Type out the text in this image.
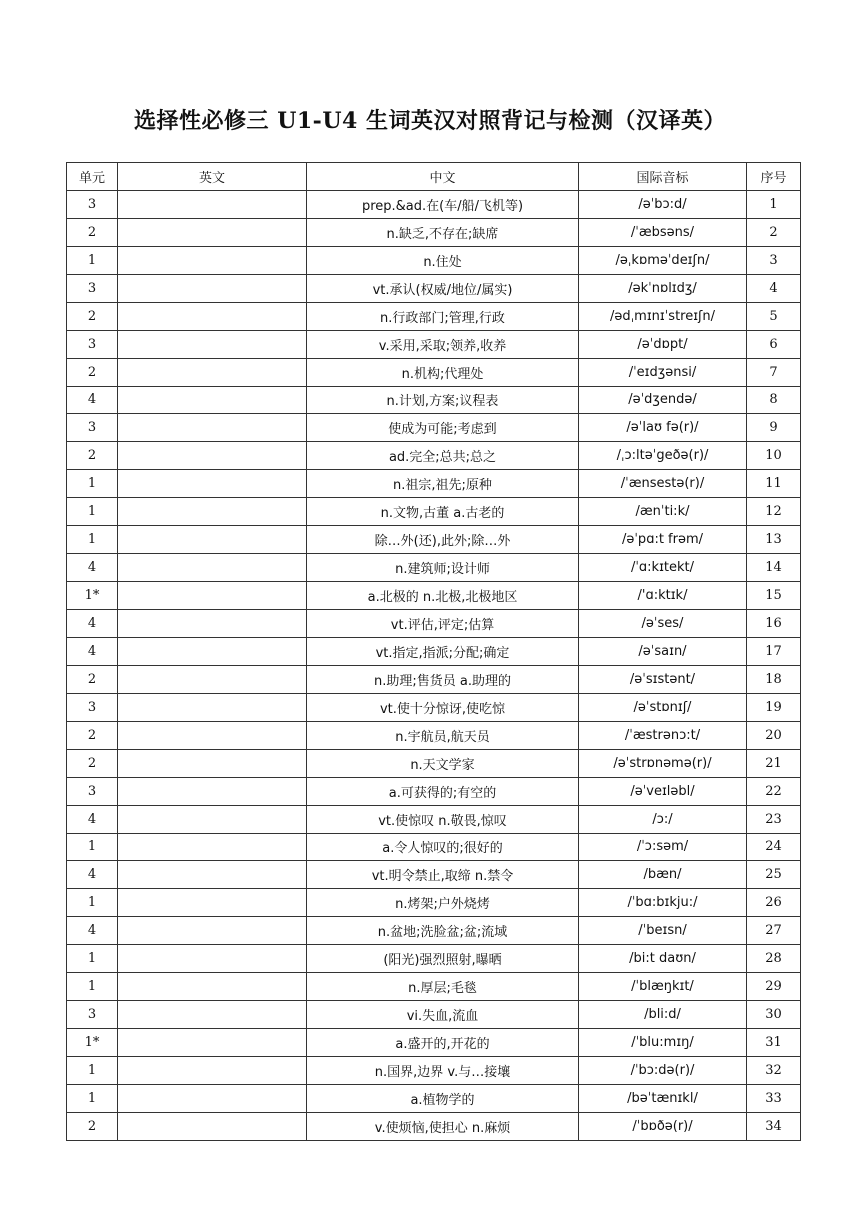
选择性必修三 U1-U4 生词英汉对照背记与检测（汉译英）
单元	英文	中文	国际音标	序号
3		prep.&ad.在(车/船/飞机等)	/əˈbɔ:d/	1
2		n.缺乏,不存在;缺席	/ˈæbsəns/	2
1		n.住处	/əˌkɒməˈdeɪʃn/	3
3		vt.承认(权威/地位/属实)	/əkˈnɒlɪdʒ/	4
2		n.行政部门;管理,行政	/ədˌmɪnɪˈstreɪʃn/	5
3		v.采用,采取;领养,收养	/əˈdɒpt/	6
2		n.机构;代理处	/ˈeɪdʒənsi/	7
4		n.计划,方案;议程表	/əˈdʒendə/	8
3		使成为可能;考虑到	/əˈlaʊ fə(r)/	9
2		ad.完全;总共;总之	/ˌɔ:ltəˈgeðə(r)/	10
1		n.祖宗,祖先;原种	/ˈænsestə(r)/	11
1		n.文物,古董 a.古老的	/ænˈti:k/	12
1		除…外(还),此外;除…外	/əˈpɑ:t frəm/	13
4		n.建筑师;设计师	/ˈɑ:kɪtekt/	14
1*		a.北极的 n.北极,北极地区	/'ɑ:ktɪk/	15
4		vt.评估,评定;估算	/əˈses/	16
4		vt.指定,指派;分配;确定	/əˈsaɪn/	17
2		n.助理;售货员 a.助理的	/əˈsɪstənt/	18
3		vt.使十分惊讶,使吃惊	/əˈstɒnɪʃ/	19
2		n.宇航员,航天员	/ˈæstrənɔ:t/	20
2		n.天文学家	/əˈstrɒnəmə(r)/	21
3		a.可获得的;有空的	/əˈveɪləbl/	22
4		vt.使惊叹 n.敬畏,惊叹	/ɔ:/	23
1		a.令人惊叹的;很好的	/ˈɔ:səm/	24
4		vt.明令禁止,取缔 n.禁令	/bæn/	25
1		n.烤架;户外烧烤	/ˈbɑ:bɪkju:/	26
4		n.盆地;洗脸盆;盆;流域	/ˈbeɪsn/	27
1		(阳光)强烈照射,曝晒	/bi:t daʊn/	28
1		n.厚层;毛毯	/ˈblæŋkɪt/	29
3		vi.失血,流血	/bli:d/	30
1*		a.盛开的,开花的	/ˈblu:mɪŋ/	31
1		n.国界,边界 v.与…接壤	/ˈbɔ:də(r)/	32
1		a.植物学的	/bəˈtænɪkl/	33
2		v.使烦恼,使担心 n.麻烦	/ˈbɒðə(r)/	34
